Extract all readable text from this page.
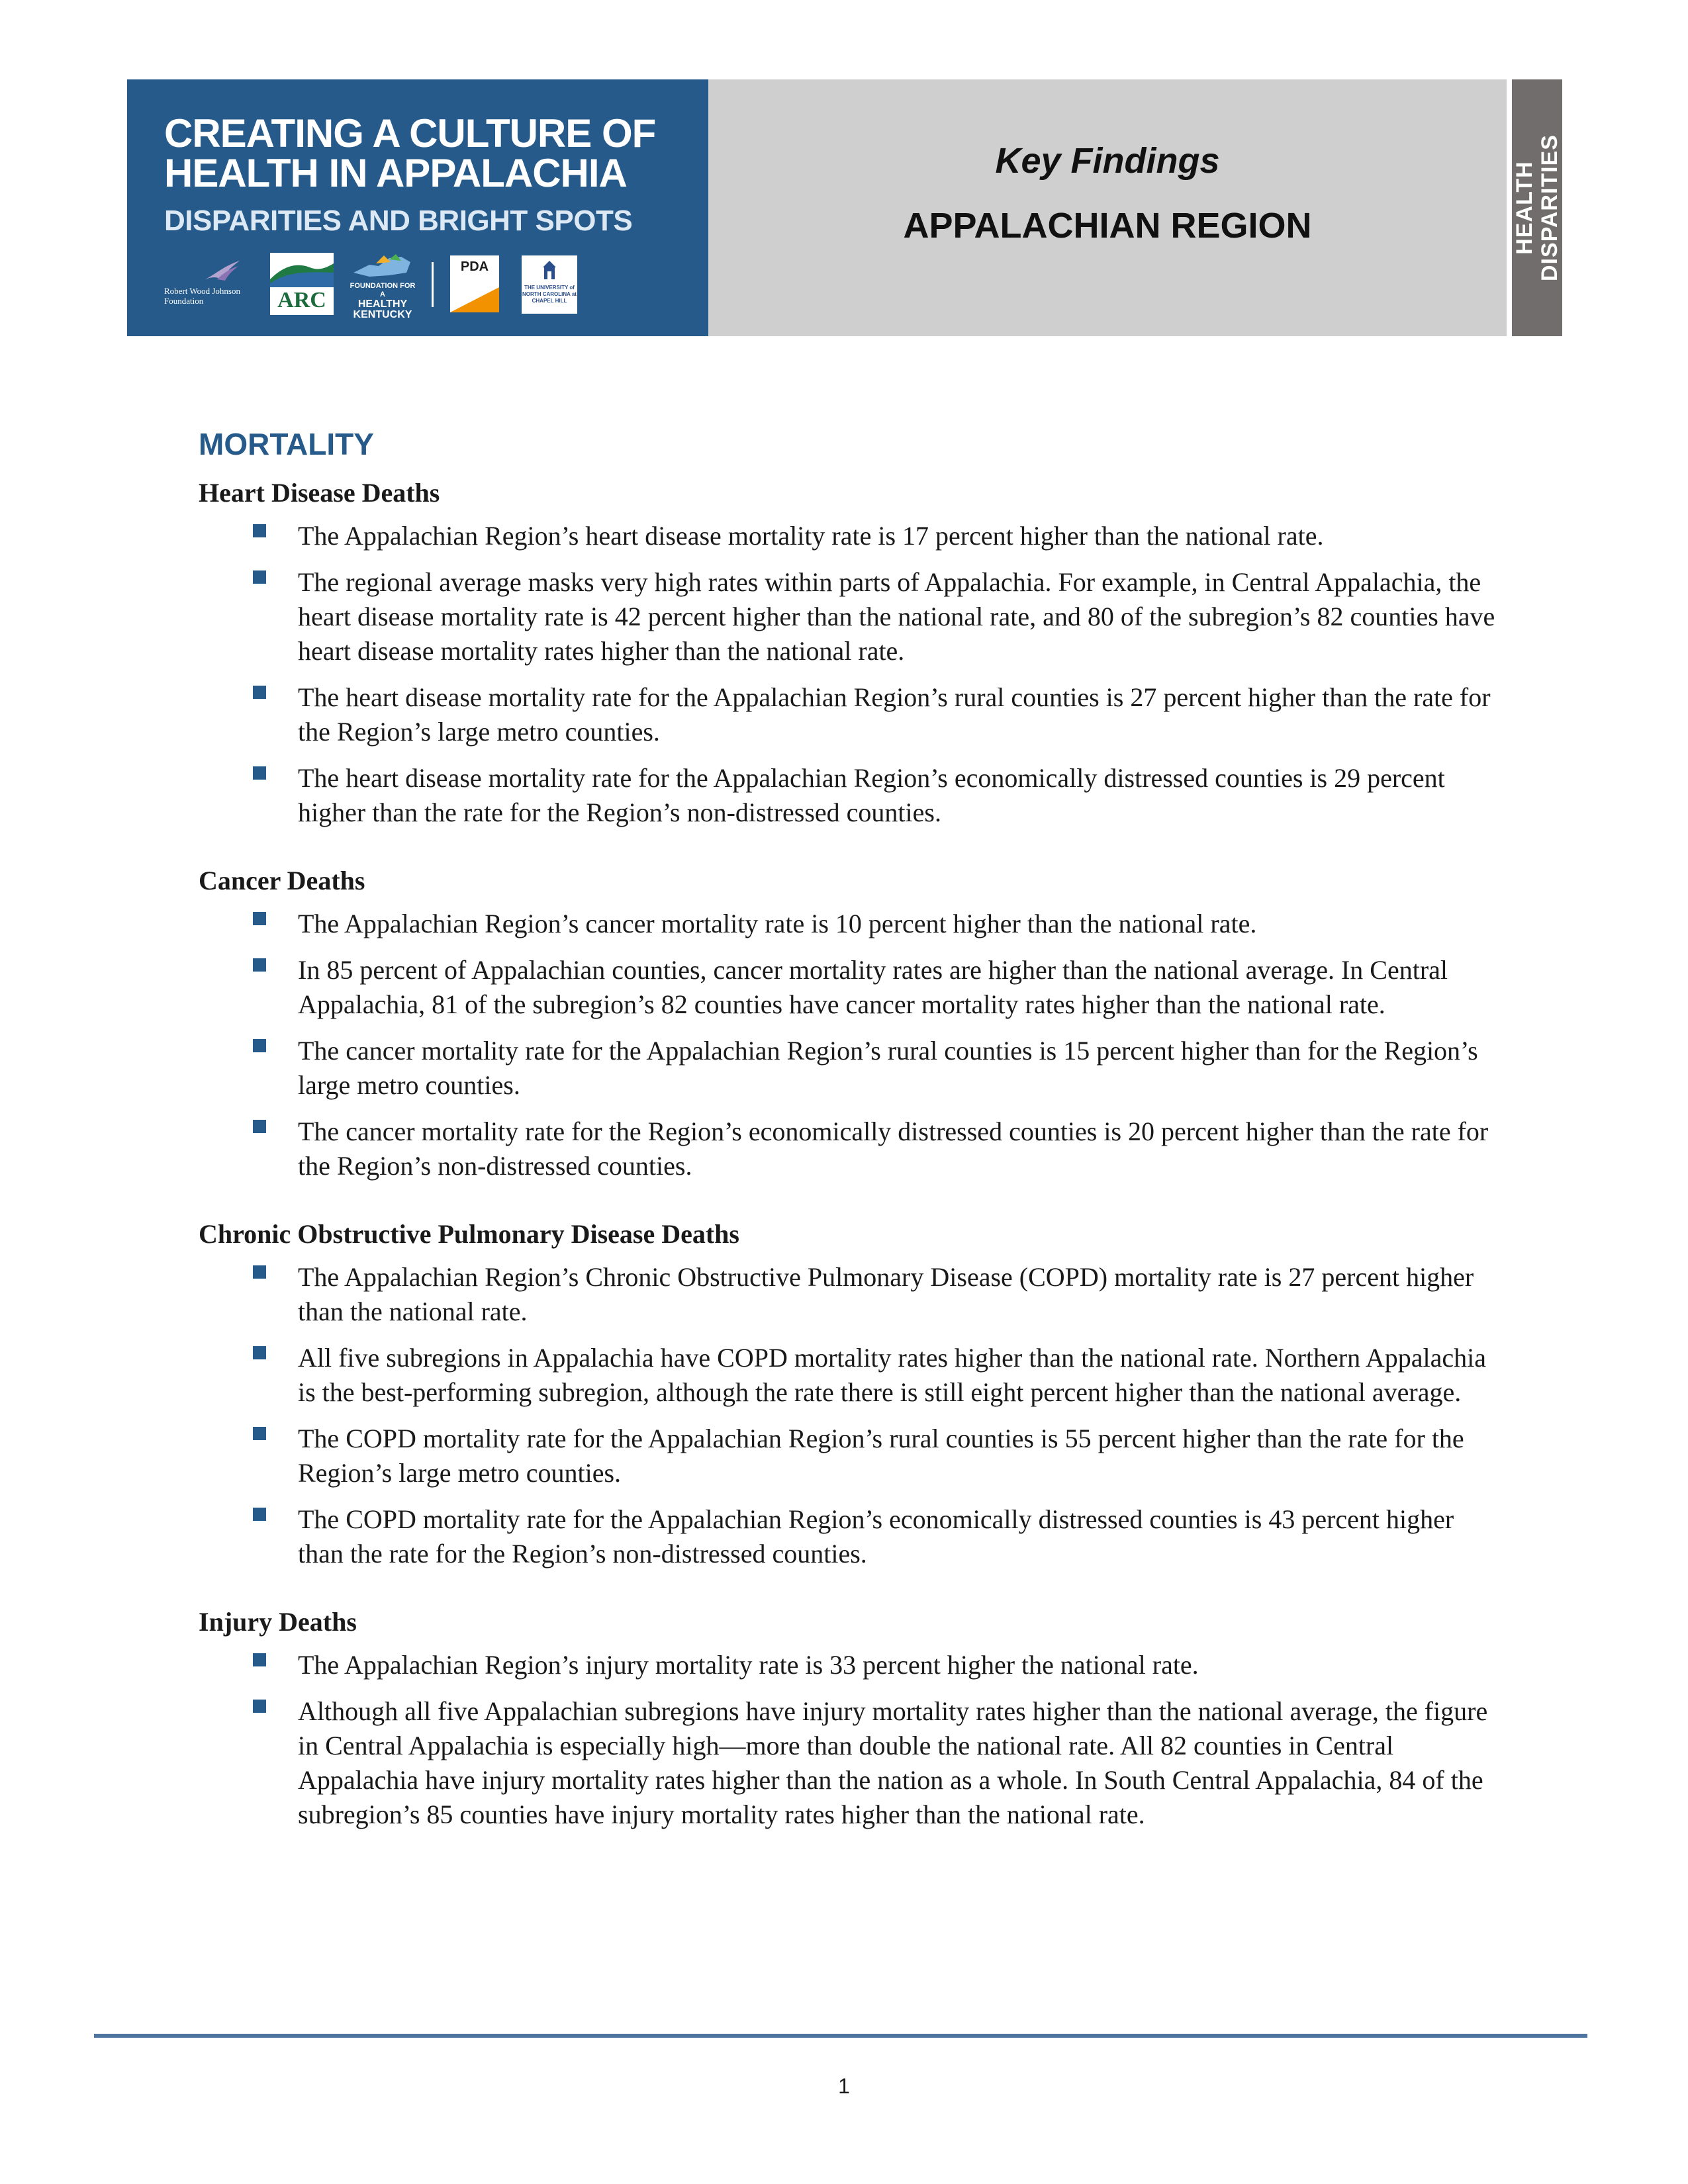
CREATING A CULTURE OF
HEALTH IN APPALACHIA
DISPARITIES AND BRIGHT SPOTS
Robert Wood Johnson Foundation	ARC
FOUNDATION FOR A
HEALTHY KENTUCKY
PDA
THE UNIVERSITY of NORTH CAROLINA at CHAPEL HILL
Key Findings
APPALACHIAN REGION	HEALTH DISPARITIES
MORTALITY
Heart Disease Deaths
The Appalachian Region’s heart disease mortality rate is 17 percent higher than the national rate.
The regional average masks very high rates within parts of Appalachia. For example, in Central Appalachia, the heart disease mortality rate is 42 percent higher than the national rate, and 80 of the subregion’s 82 counties have heart disease mortality rates higher than the national rate.
The heart disease mortality rate for the Appalachian Region’s rural counties is 27 percent higher than the rate for the Region’s large metro counties.
The heart disease mortality rate for the Appalachian Region’s economically distressed counties is 29 percent higher than the rate for the Region’s non-distressed counties.
Cancer Deaths
The Appalachian Region’s cancer mortality rate is 10 percent higher than the national rate.
In 85 percent of Appalachian counties, cancer mortality rates are higher than the national average. In Central Appalachia, 81 of the subregion’s 82 counties have cancer mortality rates higher than the national rate.
The cancer mortality rate for the Appalachian Region’s rural counties is 15 percent higher than for the Region’s large metro counties.
The cancer mortality rate for the Region’s economically distressed counties is 20 percent higher than the rate for the Region’s non-distressed counties.
Chronic Obstructive Pulmonary Disease Deaths
The Appalachian Region’s Chronic Obstructive Pulmonary Disease (COPD) mortality rate is 27 percent higher than the national rate.
All five subregions in Appalachia have COPD mortality rates higher than the national rate. Northern Appalachia is the best-performing subregion, although the rate there is still eight percent higher than the national average.
The COPD mortality rate for the Appalachian Region’s rural counties is 55 percent higher than the rate for the Region’s large metro counties.
The COPD mortality rate for the Appalachian Region’s economically distressed counties is 43 percent higher than the rate for the Region’s non-distressed counties.
Injury Deaths
The Appalachian Region’s injury mortality rate is 33 percent higher the national rate.
Although all five Appalachian subregions have injury mortality rates higher than the national average, the figure in Central Appalachia is especially high—more than double the national rate. All 82 counties in Central Appalachia have injury mortality rates higher than the nation as a whole. In South Central Appalachia, 84 of the subregion’s 85 counties have injury mortality rates higher than the national rate.
1
